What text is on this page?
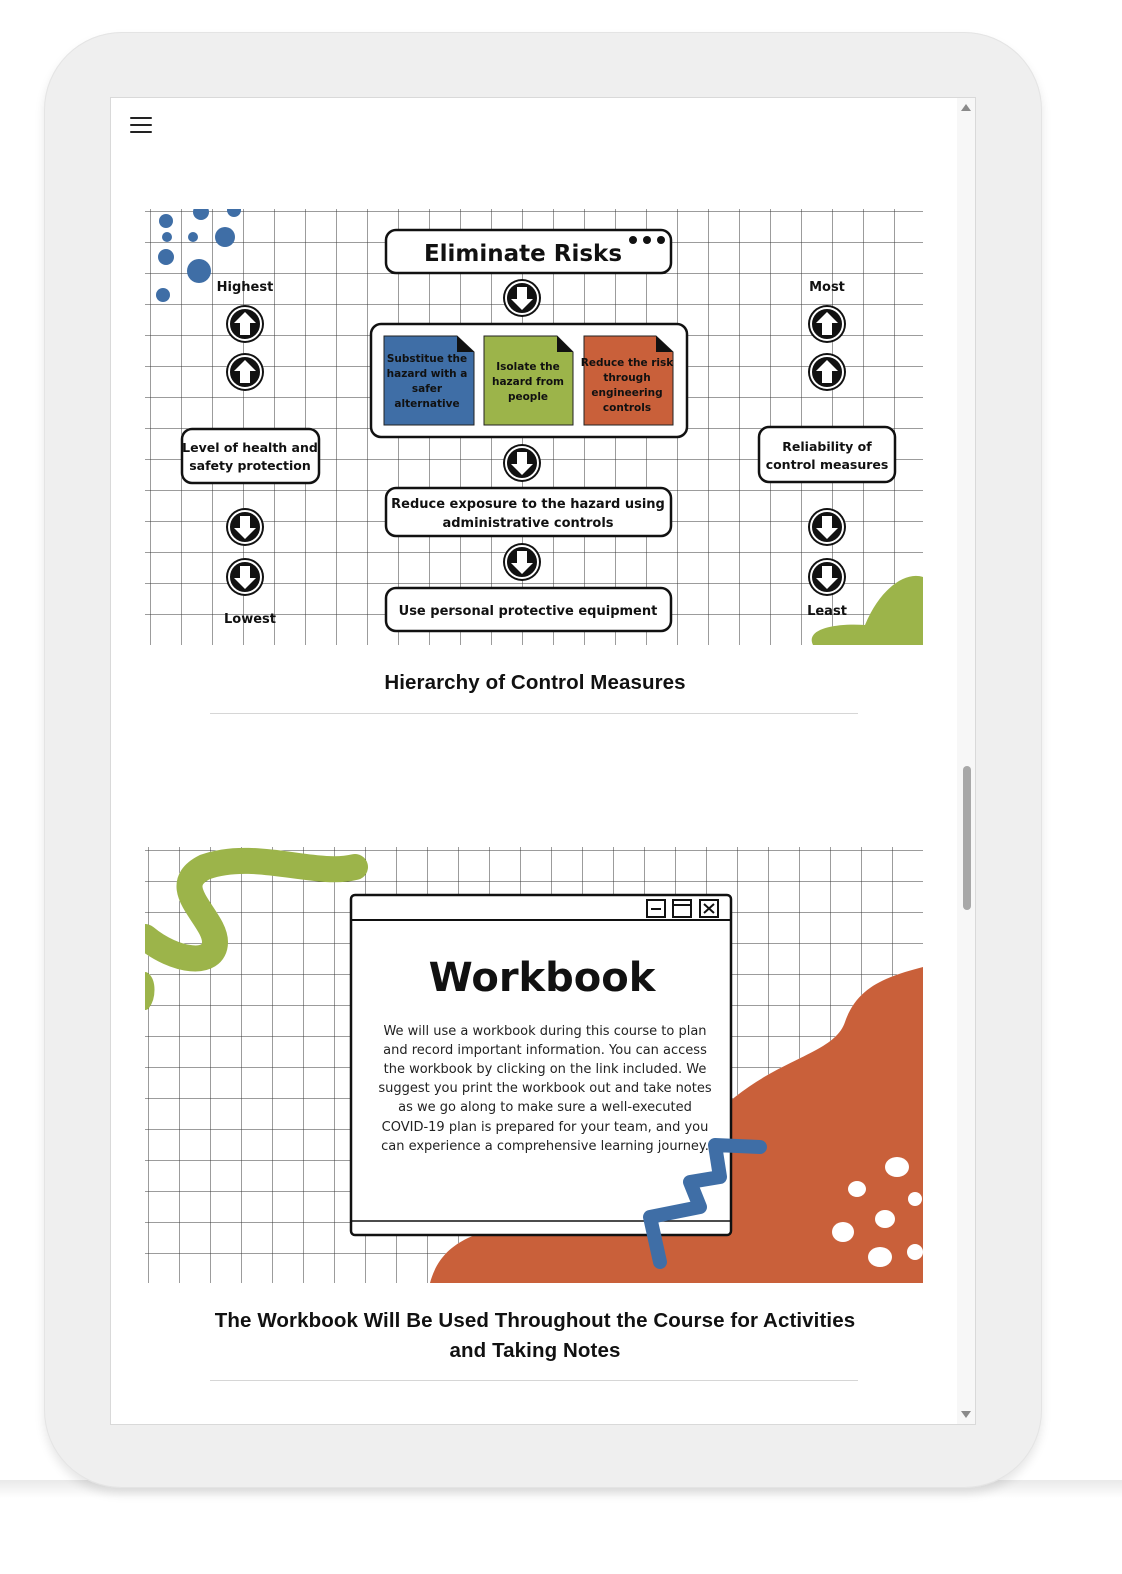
Eliminate Risks
Substitue the
hazard with a
safer
alternative
Isolate the
hazard from
people
Reduce the risk
through
engineering
controls
Reduce exposure to the hazard using
administrative controls
Use personal protective equipment
Highest
Level of health and
safety protection
Lowest
Most
Reliability of
control measures
Least
Hierarchy of Control Measures
Workbook
We will use a workbook during this course to plan
and record important information. You can access
the workbook by clicking on the link included. We
suggest you print the workbook out and take notes
as we go along to make sure a well-executed
COVID-19 plan is prepared for your team, and you
can experience a comprehensive learning journey.
The Workbook Will Be Used Throughout the Course for Activities
and Taking Notes
